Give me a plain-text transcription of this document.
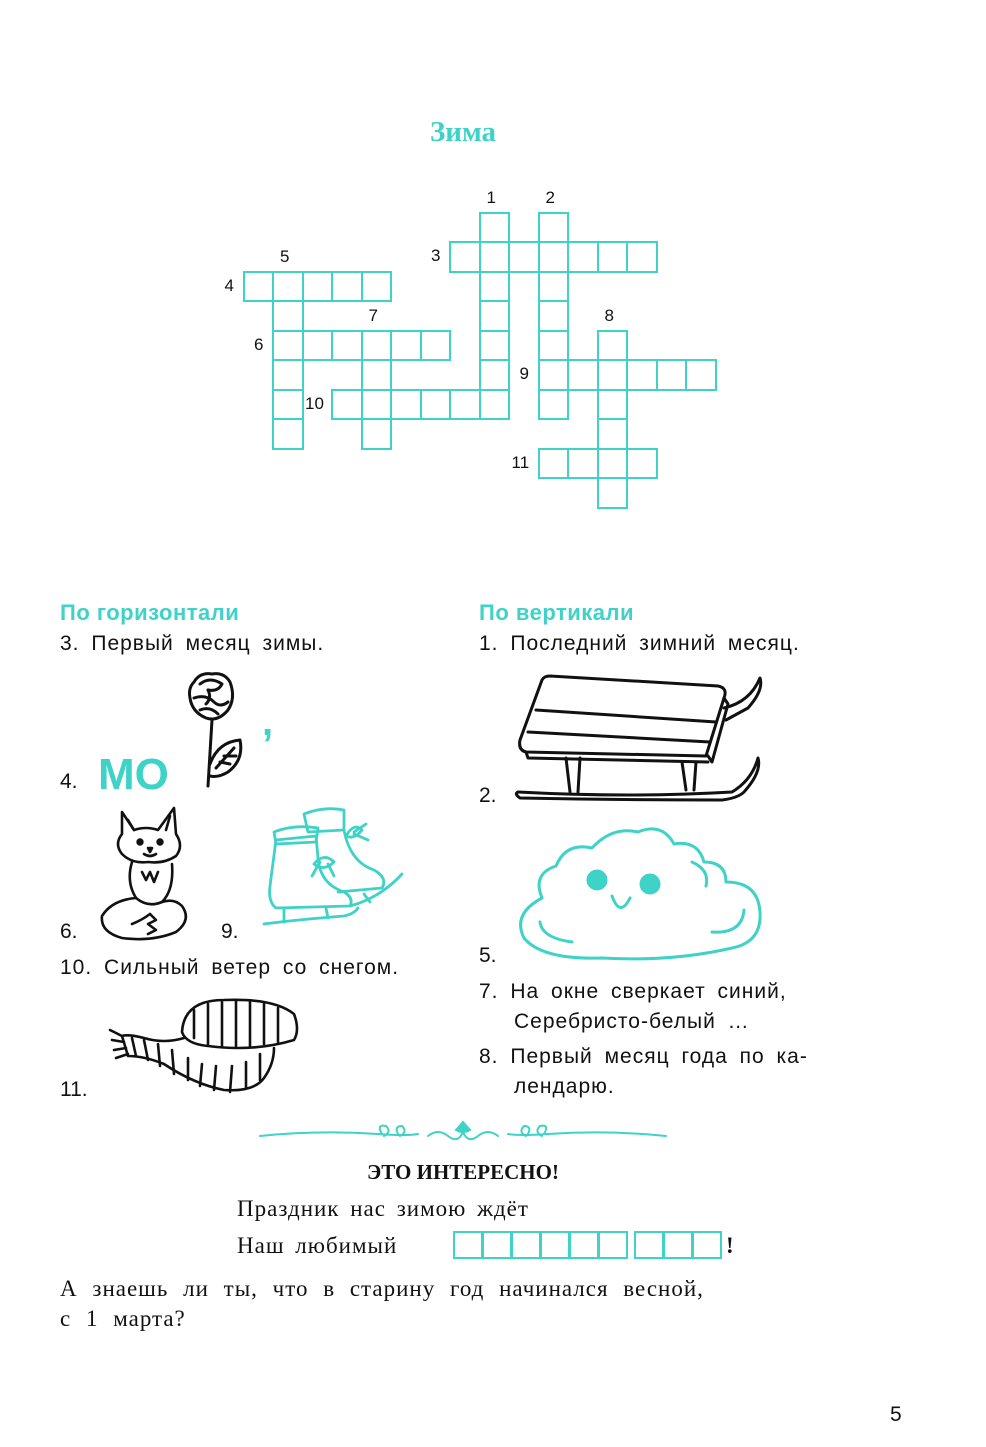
Зима
1	2
3
4
5
6
7	8
9
10
11
По горизонтали
3. Первый месяц зимы.
4. МО
,
6.	9.
10. Сильный ветер со снегом.
11.
По вертикали
1. Последний зимний месяц.
2.
5.
7. На окне сверкает синий,
Серебристо-белый …
8. Первый месяц года по ка-
лендарю.
ЭТО ИНТЕРЕСНО!
Праздник нас зимою ждёт
Наш любимый	!
А знаешь ли ты, что в старину год начинался весной,
с 1 марта?
5
